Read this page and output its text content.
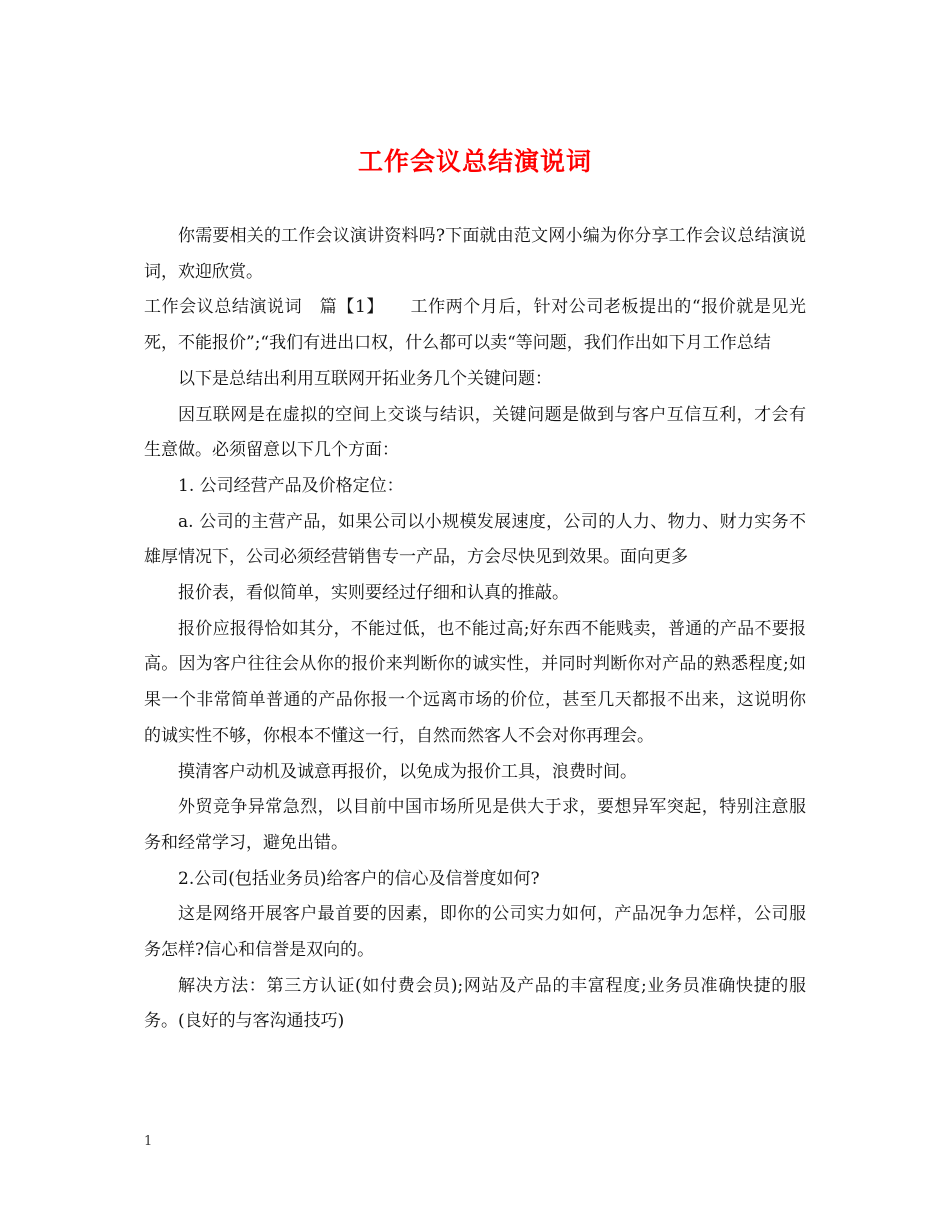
工作会议总结演说词

你需要相关的工作会议演讲资料吗?下面就由范文网小编为你分享工作会议总结演说词，欢迎欣赏。

工作会议总结演说词　篇【1】　　工作两个月后，针对公司老板提出的“报价就是见光死，不能报价”;“我们有进出口权，什么都可以卖“等问题，我们作出如下月工作总结

以下是总结出利用互联网开拓业务几个关键问题：

因互联网是在虚拟的空间上交谈与结识，关键问题是做到与客户互信互利，才会有生意做。必须留意以下几个方面：

1. 公司经营产品及价格定位：

a. 公司的主营产品，如果公司以小规模发展速度，公司的人力、物力、财力实务不雄厚情况下，公司必须经营销售专一产品，方会尽快见到效果。面向更多

报价表，看似简单，实则要经过仔细和认真的推敲。

报价应报得恰如其分，不能过低，也不能过高;好东西不能贱卖，普通的产品不要报高。因为客户往往会从你的报价来判断你的诚实性，并同时判断你对产品的熟悉程度;如果一个非常简单普通的产品你报一个远离市场的价位，甚至几天都报不出来，这说明你的诚实性不够，你根本不懂这一行，自然而然客人不会对你再理会。

摸清客户动机及诚意再报价，以免成为报价工具，浪费时间。

外贸竞争异常急烈，以目前中国市场所见是供大于求，要想异军突起，特别注意服务和经常学习，避免出错。

2.公司(包括业务员)给客户的信心及信誉度如何?

这是网络开展客户最首要的因素，即你的公司实力如何，产品况争力怎样，公司服务怎样?信心和信誉是双向的。

解决方法：第三方认证(如付费会员);网站及产品的丰富程度;业务员准确快捷的服务。(良好的与客沟通技巧)

1
